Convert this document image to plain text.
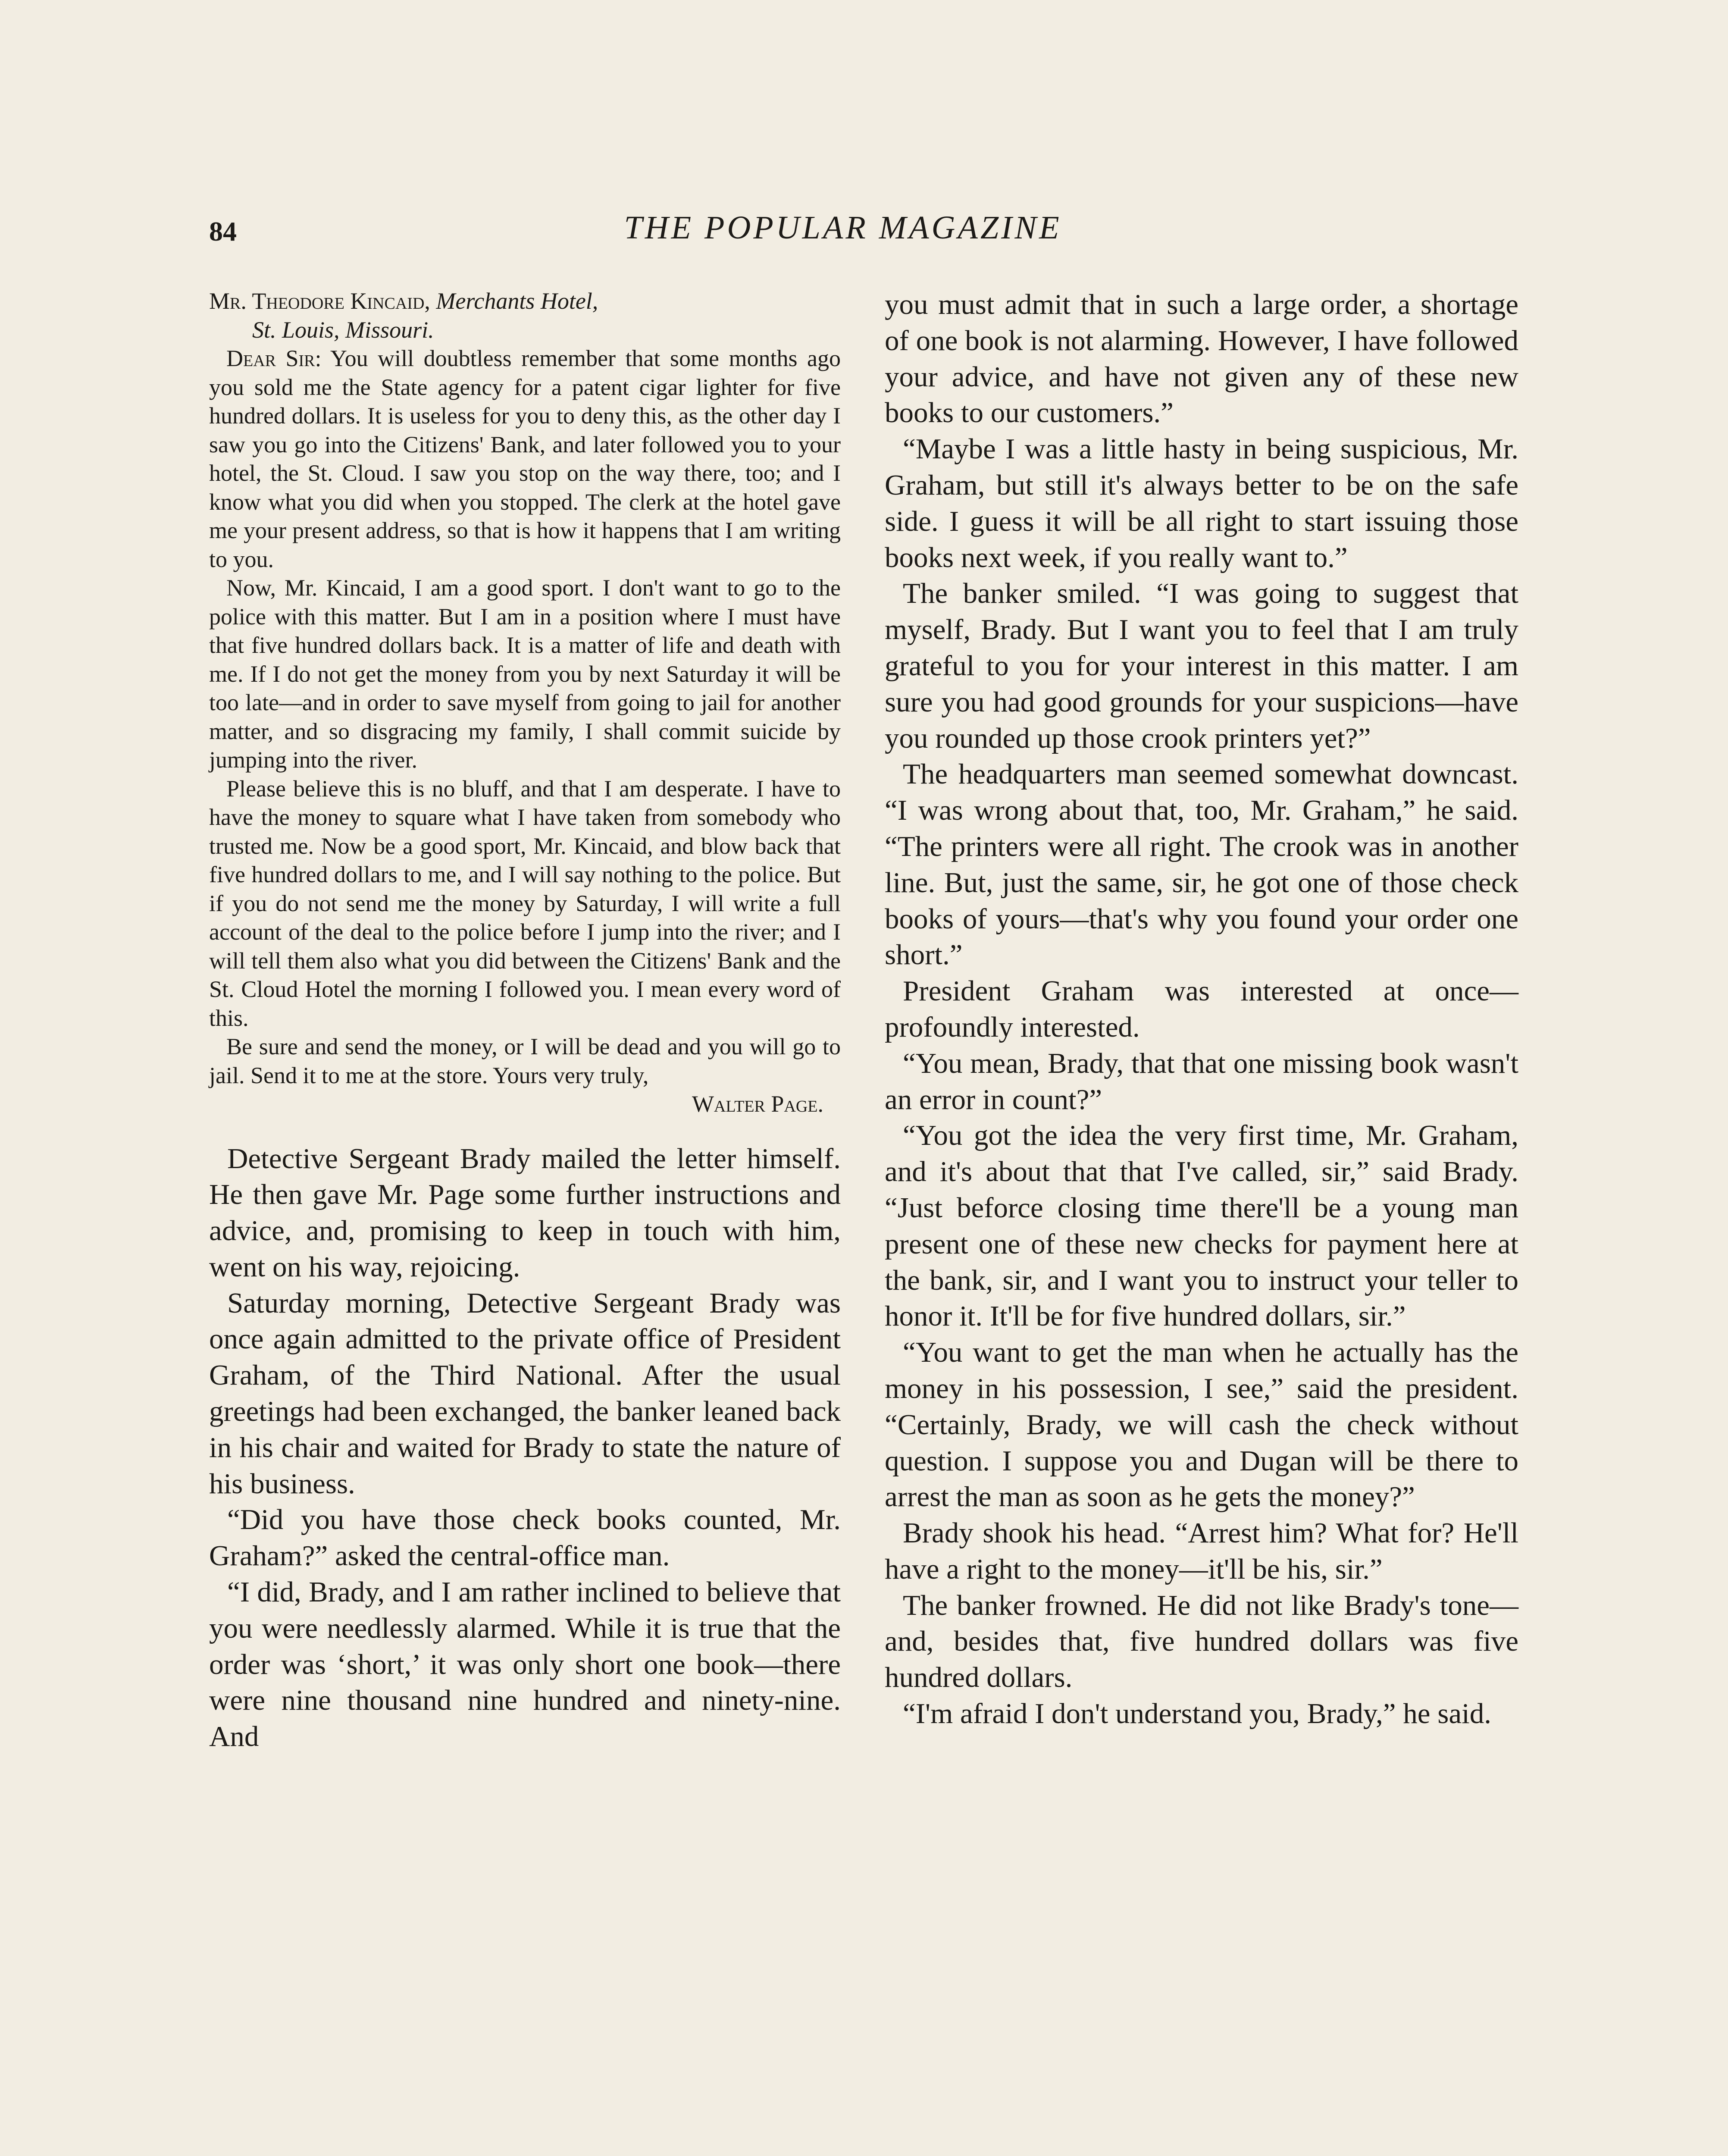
84	THE POPULAR MAGAZINE

Mr. Theodore Kincaid, Merchants Hotel,

St. Louis, Missouri.

Dear Sir: You will doubtless remember that some months ago you sold me the State agency for a patent cigar lighter for five hundred dollars. It is useless for you to deny this, as the other day I saw you go into the Citizens' Bank, and later followed you to your hotel, the St. Cloud. I saw you stop on the way there, too; and I know what you did when you stopped. The clerk at the hotel gave me your present address, so that is how it happens that I am writing to you.

Now, Mr. Kincaid, I am a good sport. I don't want to go to the police with this matter. But I am in a position where I must have that five hundred dollars back. It is a matter of life and death with me. If I do not get the money from you by next Saturday it will be too late—and in order to save myself from going to jail for another matter, and so disgracing my family, I shall commit suicide by jumping into the river.

Please believe this is no bluff, and that I am desperate. I have to have the money to square what I have taken from somebody who trusted me. Now be a good sport, Mr. Kincaid, and blow back that five hundred dollars to me, and I will say nothing to the police. But if you do not send me the money by Saturday, I will write a full account of the deal to the police before I jump into the river; and I will tell them also what you did between the Citizens' Bank and the St. Cloud Hotel the morning I followed you. I mean every word of this.

Be sure and send the money, or I will be dead and you will go to jail. Send it to me at the store. Yours very truly,

Walter Page.

Detective Sergeant Brady mailed the letter himself. He then gave Mr. Page some further instructions and advice, and, promising to keep in touch with him, went on his way, rejoicing.

Saturday morning, Detective Sergeant Brady was once again admitted to the private office of President Graham, of the Third National. After the usual greetings had been exchanged, the banker leaned back in his chair and waited for Brady to state the nature of his business.

“Did you have those check books counted, Mr. Graham?” asked the central-office man.

“I did, Brady, and I am rather inclined to believe that you were needlessly alarmed. While it is true that the order was ‘short,’ it was only short one book—there were nine thousand nine hundred and ninety-nine. And

you must admit that in such a large order, a shortage of one book is not alarming. However, I have followed your advice, and have not given any of these new books to our customers.”

“Maybe I was a little hasty in being suspicious, Mr. Graham, but still it's always better to be on the safe side. I guess it will be all right to start issuing those books next week, if you really want to.”

The banker smiled. “I was going to suggest that myself, Brady. But I want you to feel that I am truly grateful to you for your interest in this matter. I am sure you had good grounds for your suspicions—have you rounded up those crook printers yet?”

The headquarters man seemed somewhat downcast. “I was wrong about that, too, Mr. Graham,” he said. “The printers were all right. The crook was in another line. But, just the same, sir, he got one of those check books of yours—that's why you found your order one short.”

President Graham was interested at once—profoundly interested.

“You mean, Brady, that that one missing book wasn't an error in count?”

“You got the idea the very first time, Mr. Graham, and it's about that that I've called, sir,” said Brady. “Just beforce closing time there'll be a young man present one of these new checks for payment here at the bank, sir, and I want you to instruct your teller to honor it. It'll be for five hundred dollars, sir.”

“You want to get the man when he actually has the money in his possession, I see,” said the president. “Certainly, Brady, we will cash the check without question. I suppose you and Dugan will be there to arrest the man as soon as he gets the money?”

Brady shook his head. “Arrest him? What for? He'll have a right to the money—it'll be his, sir.”

The banker frowned. He did not like Brady's tone—and, besides that, five hundred dollars was five hundred dollars.

“I'm afraid I don't understand you, Brady,” he said.
